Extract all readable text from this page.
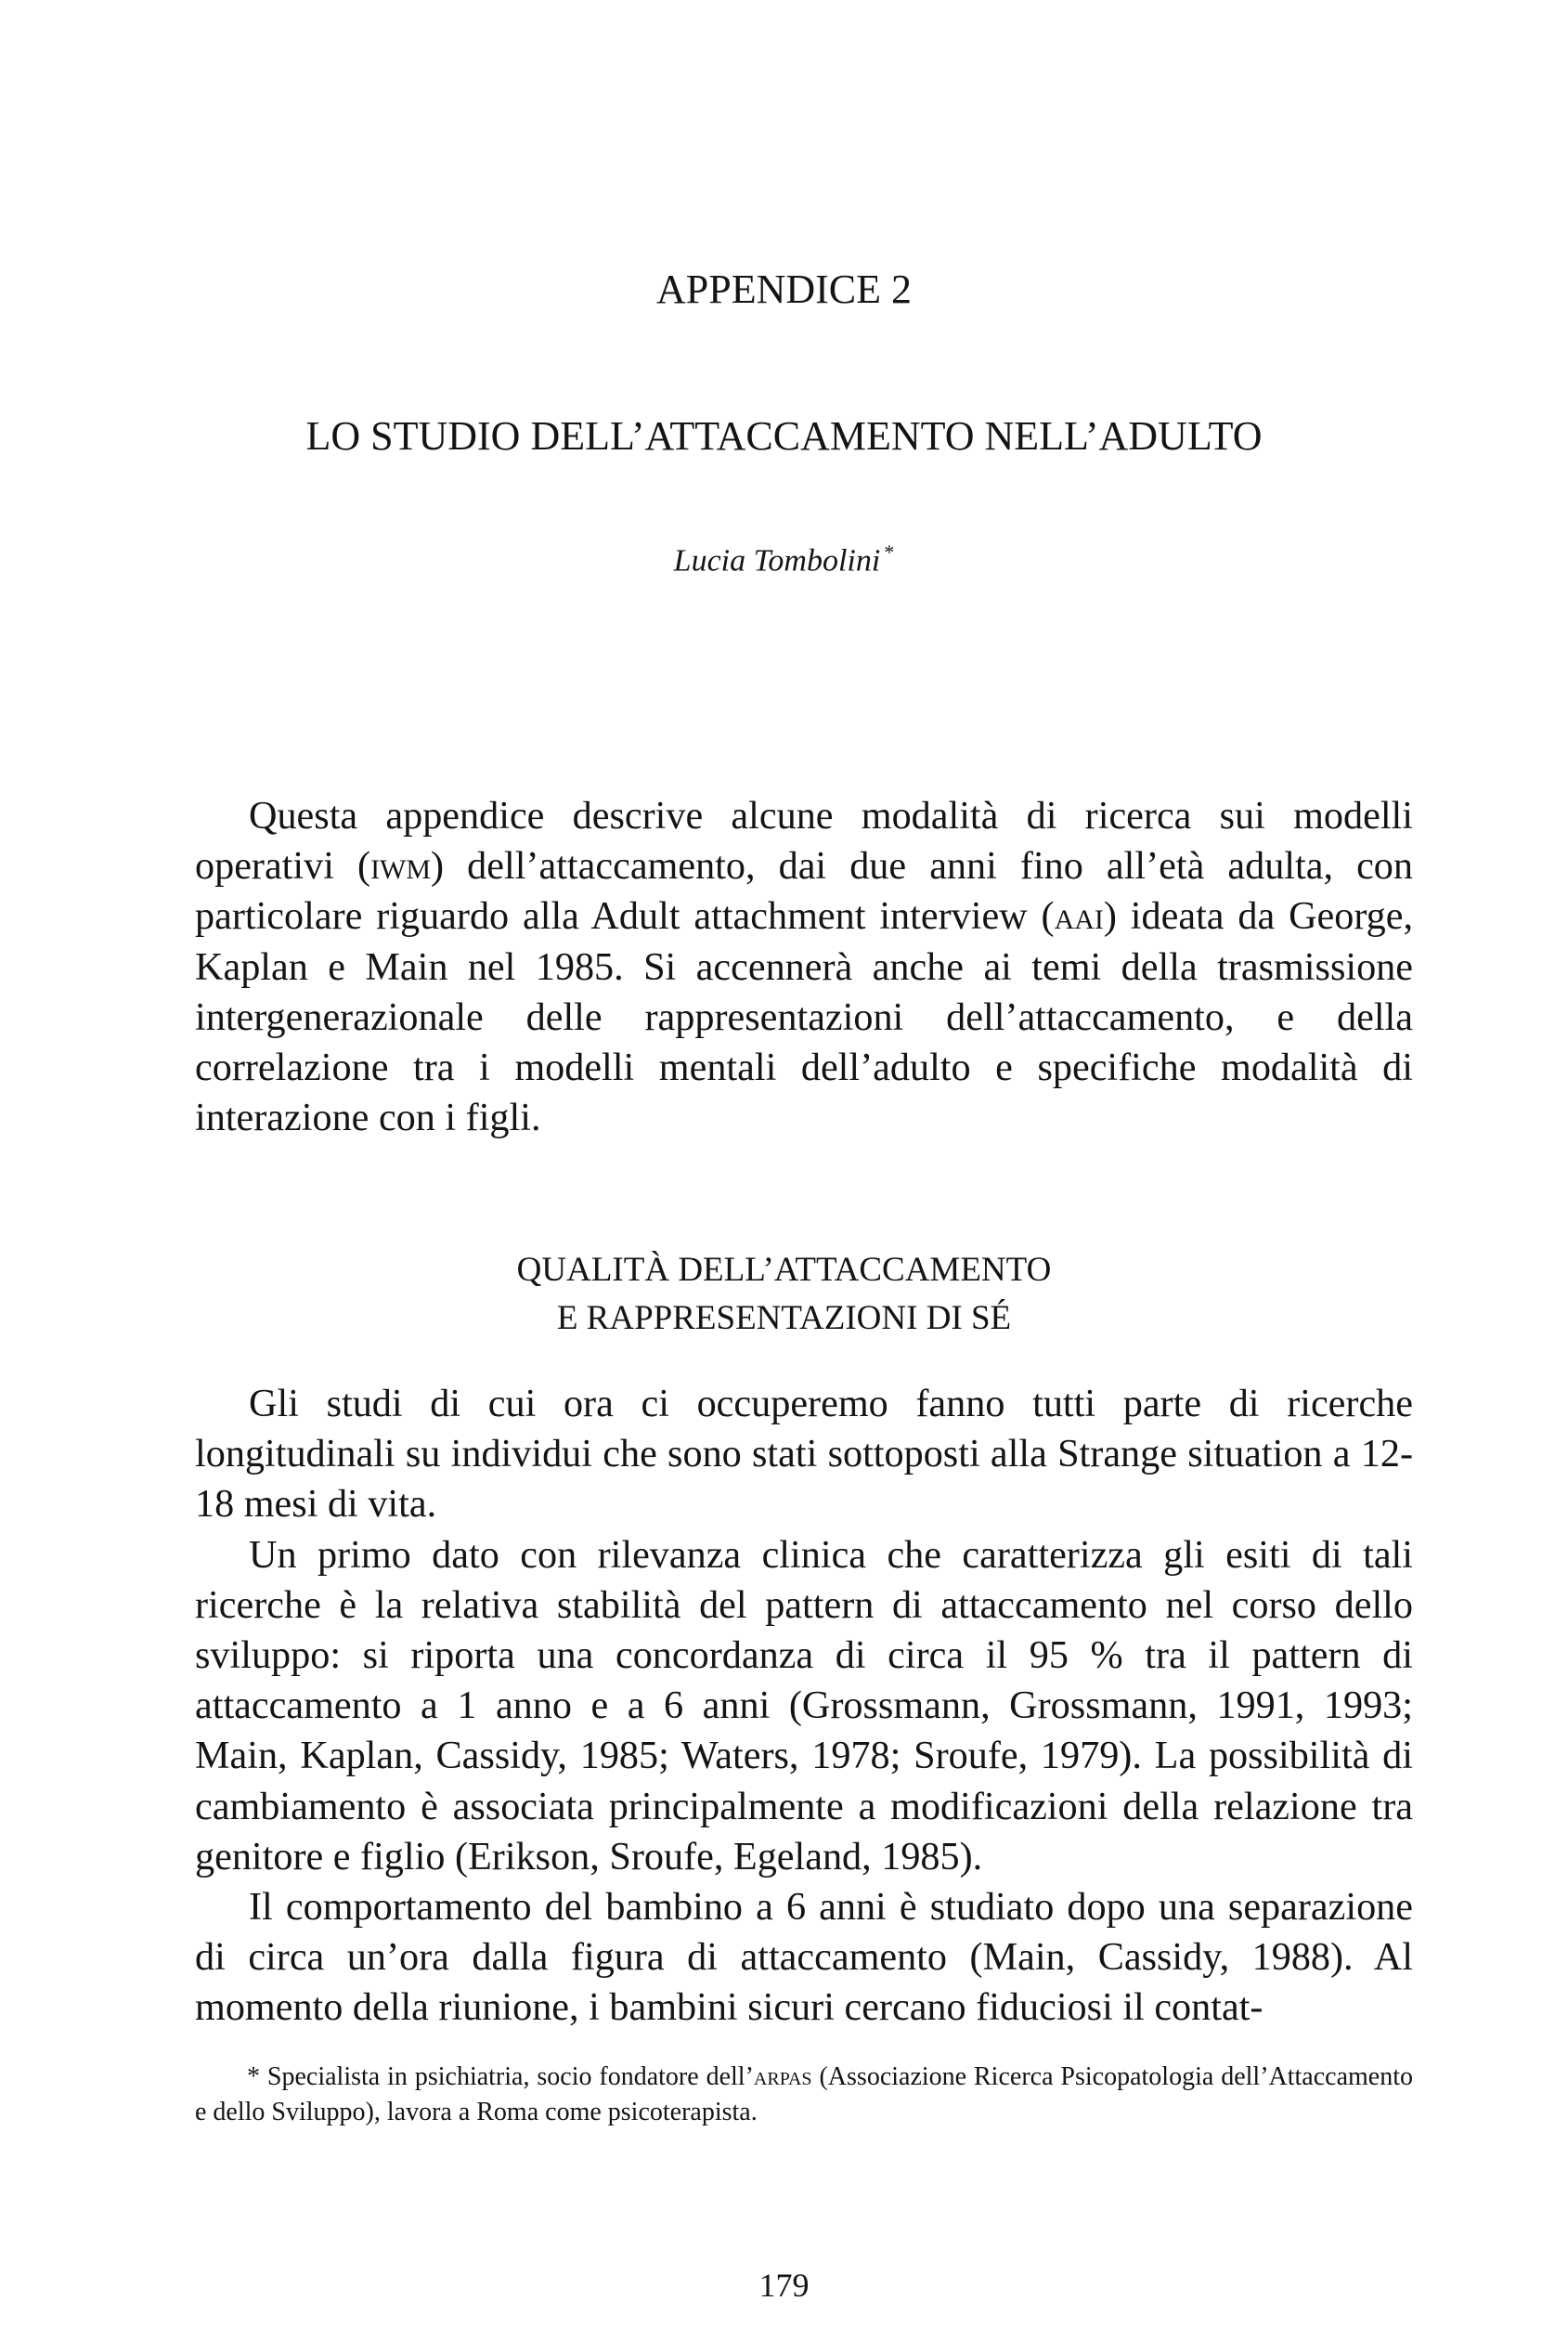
APPENDICE 2
LO STUDIO DELL’ATTACCAMENTO NELL’ADULTO

Lucia Tombolini *

Questa appendice descrive alcune modalità di ricerca sui modelli operativi (iwm) dell’attaccamento, dai due anni fino all’età adulta, con particolare riguardo alla Adult attachment interview (aai) ideata da George, Kaplan e Main nel 1985. Si accennerà anche ai temi della trasmissione intergenerazionale delle rappresentazioni dell’attaccamento, e della correlazione tra i modelli mentali dell’adulto e specifiche modalità di interazione con i figli.

QUALITÀ DELL’ATTACCAMENTO
E RAPPRESENTAZIONI DI SÉ

Gli studi di cui ora ci occuperemo fanno tutti parte di ricerche longitudinali su individui che sono stati sottoposti alla Strange situation a 12-18 mesi di vita.

Un primo dato con rilevanza clinica che caratterizza gli esiti di tali ricerche è la relativa stabilità del pattern di attaccamento nel corso dello sviluppo: si riporta una concordanza di circa il 95 % tra il pattern di attaccamento a 1 anno e a 6 anni (Grossmann, Grossmann, 1991, 1993; Main, Kaplan, Cassidy, 1985; Waters, 1978; Sroufe, 1979). La possibilità di cambiamento è associata principalmente a modificazioni della relazione tra genitore e figlio (Erikson, Sroufe, Egeland, 1985).

Il comportamento del bambino a 6 anni è studiato dopo una separazione di circa un’ora dalla figura di attaccamento (Main, Cassidy, 1988). Al momento della riunione, i bambini sicuri cercano fiduciosi il contat-

* Specialista in psichiatria, socio fondatore dell’arpas (Associazione Ricerca Psicopatologia dell’Attaccamento e dello Sviluppo), lavora a Roma come psicoterapista.

179
